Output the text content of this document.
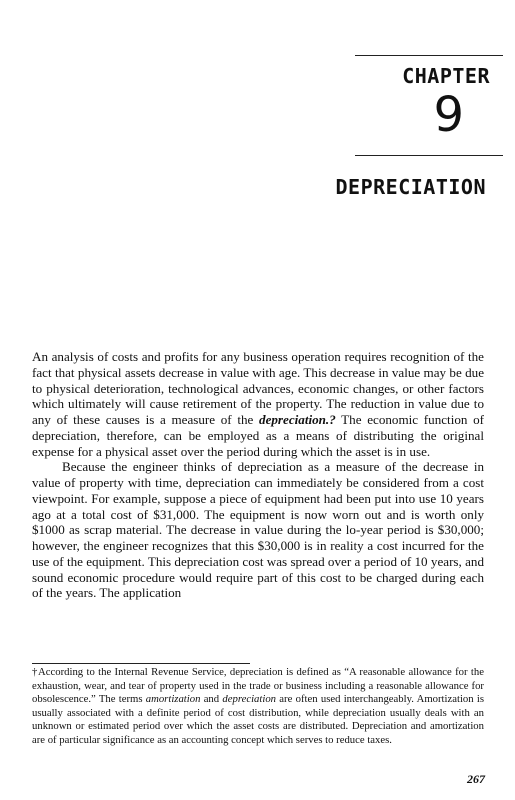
CHAPTER
9
DEPRECIATION

An analysis of costs and profits for any business operation requires recognition of the fact that physical assets decrease in value with age. This decrease in value may be due to physical deterioration, technological advances, economic changes, or other factors which ultimately will cause retirement of the property. The reduction in value due to any of these causes is a measure of the depreciation.? The economic function of depreciation, therefore, can be employed as a means of distributing the original expense for a physical asset over the period during which the asset is in use.

Because the engineer thinks of depreciation as a measure of the decrease in value of property with time, depreciation can immediately be considered from a cost viewpoint. For example, suppose a piece of equipment had been put into use 10 years ago at a total cost of $31,000. The equipment is now worn out and is worth only $1000 as scrap material. The decrease in value during the lo-year period is $30,000; however, the engineer recognizes that this $30,000 is in reality a cost incurred for the use of the equipment. This depreciation cost was spread over a period of 10 years, and sound economic procedure would require part of this cost to be charged during each of the years. The application

†According to the Internal Revenue Service, depreciation is defined as “A reasonable allowance for the exhaustion, wear, and tear of property used in the trade or business including a reasonable allowance for obsolescence.” The terms amortization and depreciation are often used interchangeably. Amortization is usually associated with a definite period of cost distribution, while depreciation usually deals with an unknown or estimated period over which the asset costs are distributed. Depreciation and amortization are of particular significance as an accounting concept which serves to reduce taxes.

267
